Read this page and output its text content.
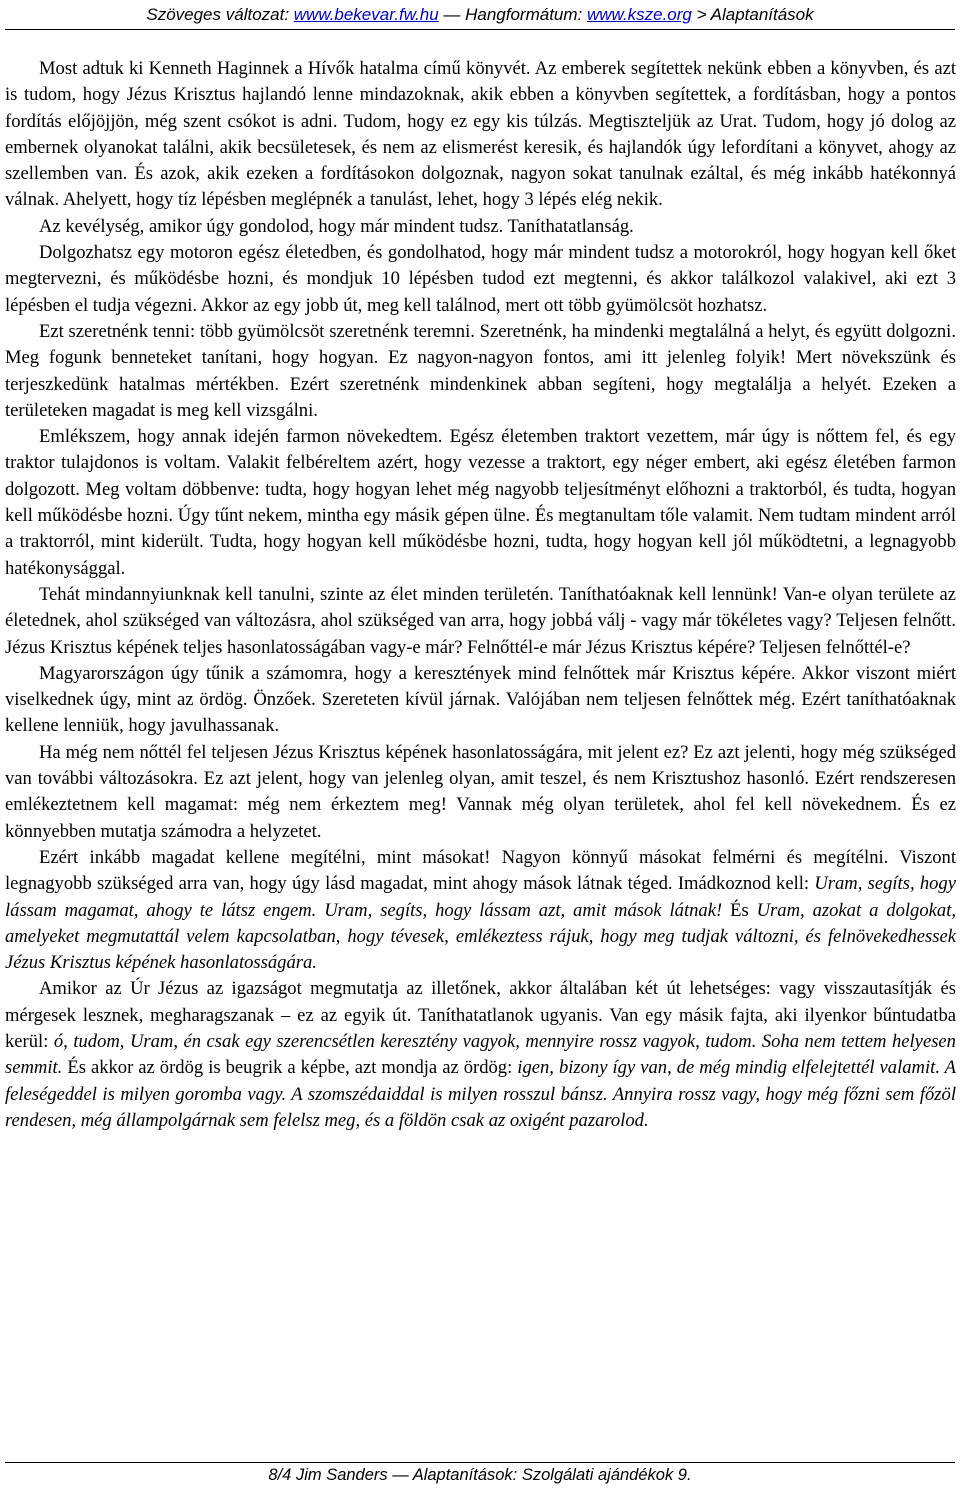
Szöveges változat: www.bekevar.fw.hu — Hangformátum: www.ksze.org > Alaptanítások

Most adtuk ki Kenneth Haginnek a Hívők hatalma című könyvét. Az emberek segítettek nekünk ebben a könyvben, és azt is tudom, hogy Jézus Krisztus hajlandó lenne mindazoknak, akik ebben a könyvben segítettek, a fordításban, hogy a pontos fordítás előjöjjön, még szent csókot is adni. Tudom, hogy ez egy kis túlzás. Megtiszteljük az Urat. Tudom, hogy jó dolog az embernek olyanokat találni, akik becsületesek, és nem az elismerést keresik, és hajlandók úgy lefordítani a könyvet, ahogy az szellemben van. És azok, akik ezeken a fordításokon dolgoznak, nagyon sokat tanulnak ezáltal, és még inkább hatékonnyá válnak. Ahelyett, hogy tíz lépésben meglépnék a tanulást, lehet, hogy 3 lépés elég nekik.

Az kevélység, amikor úgy gondolod, hogy már mindent tudsz. Taníthatatlanság.

Dolgozhatsz egy motoron egész életedben, és gondolhatod, hogy már mindent tudsz a motorokról, hogy hogyan kell őket megtervezni, és működésbe hozni, és mondjuk 10 lépésben tudod ezt megtenni, és akkor találkozol valakivel, aki ezt 3 lépésben el tudja végezni. Akkor az egy jobb út, meg kell találnod, mert ott több gyümölcsöt hozhatsz.

Ezt szeretnénk tenni: több gyümölcsöt szeretnénk teremni. Szeretnénk, ha mindenki megtalálná a helyt, és együtt dolgozni. Meg fogunk benneteket tanítani, hogy hogyan. Ez nagyon-nagyon fontos, ami itt jelenleg folyik! Mert növekszünk és terjeszkedünk hatalmas mértékben. Ezért szeretnénk mindenkinek abban segíteni, hogy megtalálja a helyét. Ezeken a területeken magadat is meg kell vizsgálni.

Emlékszem, hogy annak idején farmon növekedtem. Egész életemben traktort vezettem, már úgy is nőttem fel, és egy traktor tulajdonos is voltam. Valakit felbéreltem azért, hogy vezesse a traktort, egy néger embert, aki egész életében farmon dolgozott. Meg voltam döbbenve: tudta, hogy hogyan lehet még nagyobb teljesítményt előhozni a traktorból, és tudta, hogyan kell működésbe hozni. Úgy tűnt nekem, mintha egy másik gépen ülne. És megtanultam tőle valamit. Nem tudtam mindent arról a traktorról, mint kiderült. Tudta, hogy hogyan kell működésbe hozni, tudta, hogy hogyan kell jól működtetni, a legnagyobb hatékonysággal.

Tehát mindannyiunknak kell tanulni, szinte az élet minden területén. Taníthatóaknak kell lennünk! Van-e olyan területe az életednek, ahol szükséged van változásra, ahol szükséged van arra, hogy jobbá válj - vagy már tökéletes vagy? Teljesen felnőtt. Jézus Krisztus képének teljes hasonlatosságában vagy-e már? Felnőttél-e már Jézus Krisztus képére? Teljesen felnőttél-e?

Magyarországon úgy tűnik a számomra, hogy a keresztények mind felnőttek már Krisztus képére. Akkor viszont miért viselkednek úgy, mint az ördög. Önzőek. Szereteten kívül járnak. Valójában nem teljesen felnőttek még. Ezért taníthatóaknak kellene lenniük, hogy javulhassanak.

Ha még nem nőttél fel teljesen Jézus Krisztus képének hasonlatosságára, mit jelent ez? Ez azt jelenti, hogy még szükséged van további változásokra. Ez azt jelent, hogy van jelenleg olyan, amit teszel, és nem Krisztushoz hasonló. Ezért rendszeresen emlékeztetnem kell magamat: még nem érkeztem meg! Vannak még olyan területek, ahol fel kell növekednem. És ez könnyebben mutatja számodra a helyzetet.

Ezért inkább magadat kellene megítélni, mint másokat! Nagyon könnyű másokat felmérni és megítélni. Viszont legnagyobb szükséged arra van, hogy úgy lásd magadat, mint ahogy mások látnak téged. Imádkoznod kell: Uram, segíts, hogy lássam magamat, ahogy te látsz engem. Uram, segíts, hogy lássam azt, amit mások látnak! És Uram, azokat a dolgokat, amelyeket megmutattál velem kapcsolatban, hogy tévesek, emlékeztess rájuk, hogy meg tudjak változni, és felnövekedhessek Jézus Krisztus képének hasonlatosságára.

Amikor az Úr Jézus az igazságot megmutatja az illetőnek, akkor általában két út lehetséges: vagy visszautasítják és mérgesek lesznek, megharagszanak – ez az egyik út. Taníthatatlanok ugyanis. Van egy másik fajta, aki ilyenkor bűntudatba kerül: ó, tudom, Uram, én csak egy szerencsétlen keresztény vagyok, mennyire rossz vagyok, tudom. Soha nem tettem helyesen semmit. És akkor az ördög is beugrik a képbe, azt mondja az ördög: igen, bizony így van, de még mindig elfelejtettél valamit. A feleségeddel is milyen goromba vagy. A szomszédaiddal is milyen rosszul bánsz. Annyira rossz vagy, hogy még főzni sem főzöl rendesen, még állampolgárnak sem felelsz meg, és a földön csak az oxigént pazarolod.

8/4 Jim Sanders — Alaptanítások: Szolgálati ajándékok 9.
